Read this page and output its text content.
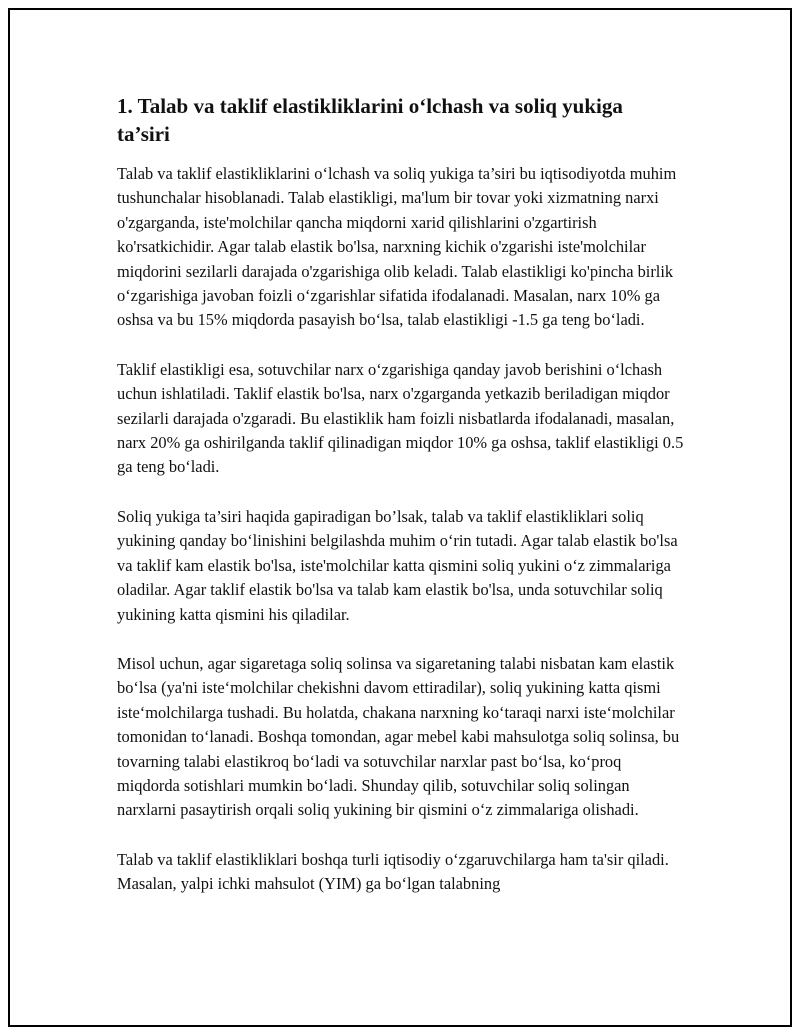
1. Talab va taklif elastikliklarini o‘lchash va soliq yukiga ta’siri

Talab va taklif elastikliklarini o‘lchash va soliq yukiga ta’siri bu iqtisodiyotda muhim tushunchalar hisoblanadi. Talab elastikligi, ma'lum bir tovar yoki xizmatning narxi o'zgarganda, iste'molchilar qancha miqdorni xarid qilishlarini o'zgartirish ko'rsatkichidir. Agar talab elastik bo'lsa, narxning kichik o'zgarishi iste'molchilar miqdorini sezilarli darajada o'zgarishiga olib keladi. Talab elastikligi ko'pincha birlik o‘zgarishiga javoban foizli o‘zgarishlar sifatida ifodalanadi. Masalan, narx 10% ga oshsa va bu 15% miqdorda pasayish bo‘lsa, talab elastikligi -1.5 ga teng bo‘ladi.

Taklif elastikligi esa, sotuvchilar narx o‘zgarishiga qanday javob berishini o‘lchash uchun ishlatiladi. Taklif elastik bo'lsa, narx o'zgarganda yetkazib beriladigan miqdor sezilarli darajada o'zgaradi. Bu elastiklik ham foizli nisbatlarda ifodalanadi, masalan, narx 20% ga oshirilganda taklif qilinadigan miqdor 10% ga oshsa, taklif elastikligi 0.5 ga teng bo‘ladi.

Soliq yukiga ta’siri haqida gapiradigan bo’lsak, talab va taklif elastikliklari soliq yukining qanday bo‘linishini belgilashda muhim o‘rin tutadi. Agar talab elastik bo'lsa va taklif kam elastik bo'lsa, iste'molchilar katta qismini soliq yukini o‘z zimmalariga oladilar. Agar taklif elastik bo'lsa va talab kam elastik bo'lsa, unda sotuvchilar soliq yukining katta qismini his qiladilar.

Misol uchun, agar sigaretaga soliq solinsa va sigaretaning talabi nisbatan kam elastik bo‘lsa (ya'ni iste‘molchilar chekishni davom ettiradilar), soliq yukining katta qismi iste‘molchilarga tushadi. Bu holatda, chakana narxning ko‘taraqi narxi iste‘molchilar tomonidan to‘lanadi. Boshqa tomondan, agar mebel kabi mahsulotga soliq solinsa, bu tovarning talabi elastikroq bo‘ladi va sotuvchilar narxlar past bo‘lsa, ko‘proq miqdorda sotishlari mumkin bo‘ladi. Shunday qilib, sotuvchilar soliq solingan narxlarni pasaytirish orqali soliq yukining bir qismini o‘z zimmalariga olishadi.

Talab va taklif elastikliklari boshqa turli iqtisodiy o‘zgaruvchilarga ham ta'sir qiladi. Masalan, yalpi ichki mahsulot (YIM) ga bo‘lgan talabning
